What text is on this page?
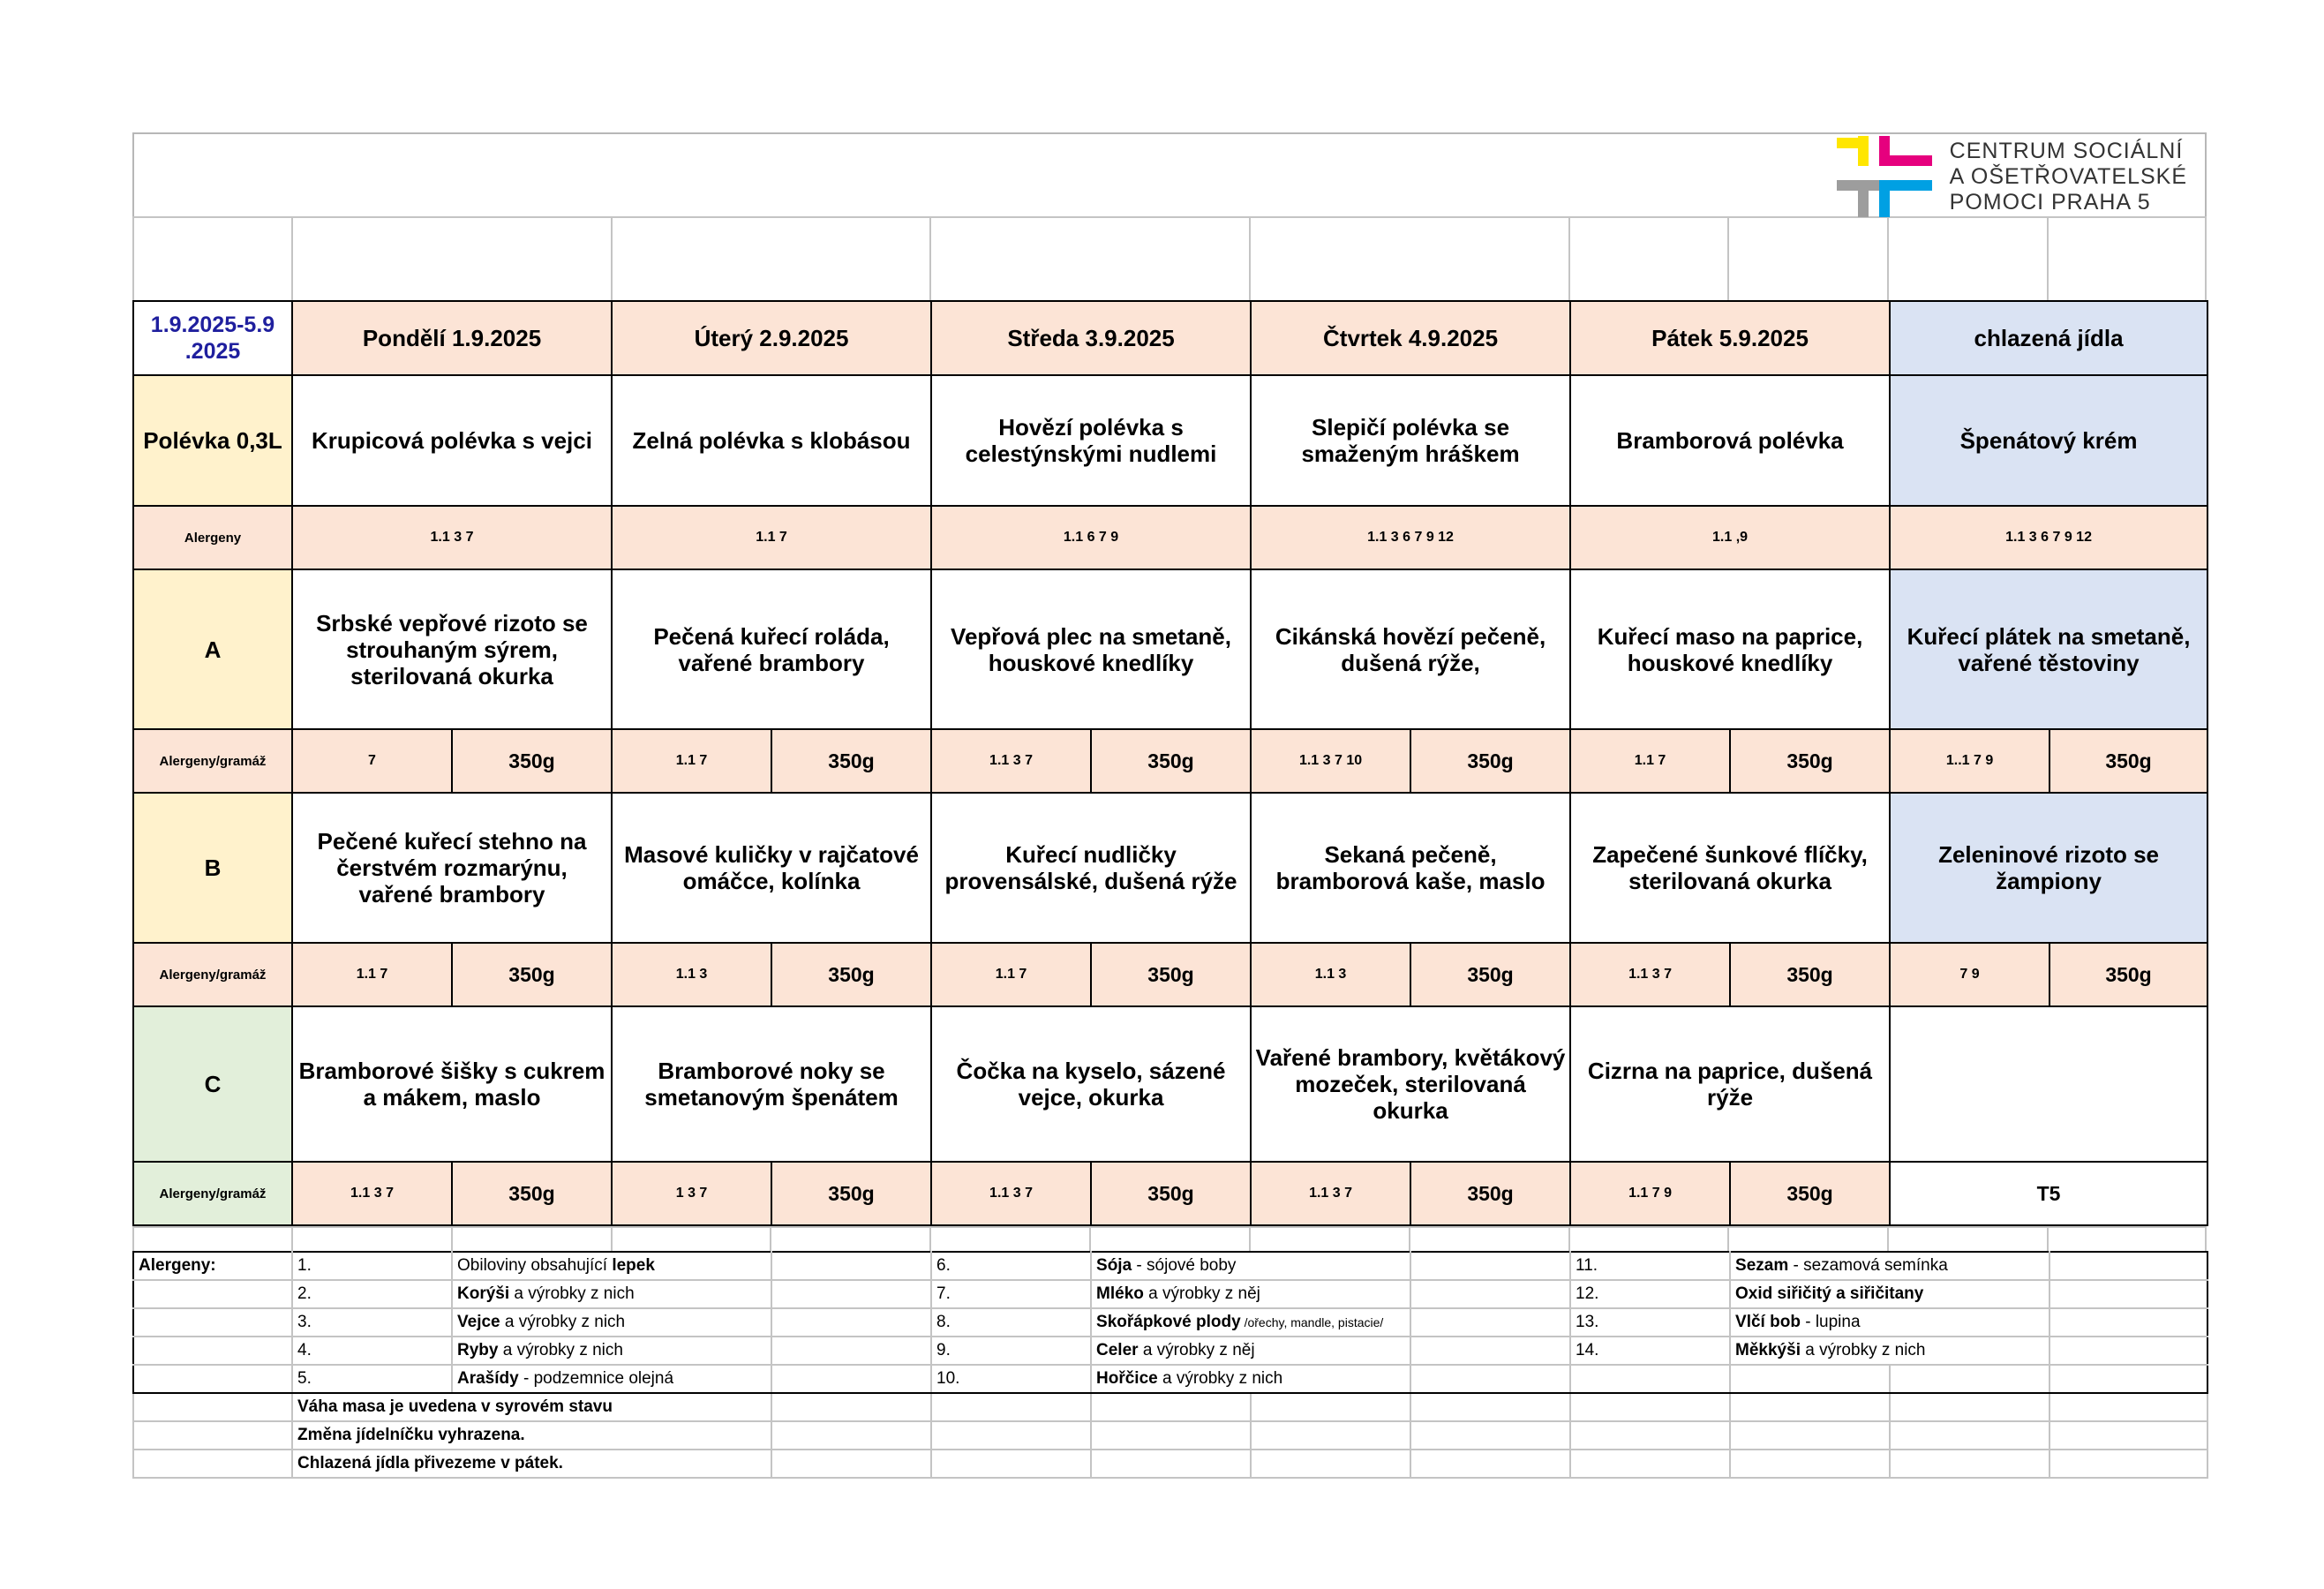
CENTRUM SOCIÁLNÍ
A OŠETŘOVATELSKÉ
POMOCI PRAHA 5
1.9.2025-5.9 .2025	Pondělí 1.9.2025		Úterý 2.9.2025		Středa 3.9.2025		Čtvrtek 4.9.2025		Pátek 5.9.2025		chlazená jídla	
Polévka 0,3L	Krupicová polévka s vejci		Zelná polévka s klobásou		Hovězí polévka s celestýnskými nudlemi		Slepičí polévka se smaženým hráškem		Bramborová polévka		Špenátový krém	
Alergeny	1.1 3 7		1.1 7		1.1 6 7 9		1.1 3 6 7 9 12		1.1 ,9		1.1 3 6 7 9 12	
A	Srbské vepřové rizoto se strouhaným sýrem, sterilovaná okurka		Pečená kuřecí roláda, vařené brambory		Vepřová plec na smetaně, houskové knedlíky		Cikánská hovězí pečeně, dušená rýže,		Kuřecí maso na paprice, houskové knedlíky		Kuřecí plátek na smetaně, vařené těstoviny	
Alergeny/gramáž	7	350g	1.1 7	350g	1.1 3 7	350g	1.1 3 7 10	350g	1.1 7	350g	1..1 7 9	350g
B	Pečené kuřecí stehno na čerstvém rozmarýnu, vařené brambory		Masové kuličky v rajčatové omáčce, kolínka		Kuřecí nudličky provensálské, dušená rýže		Sekaná pečeně, bramborová kaše, maslo		Zapečené šunkové flíčky, sterilovaná okurka		Zeleninové rizoto se žampiony	
Alergeny/gramáž	1.1 7	350g	1.1 3	350g	1.1 7	350g	1.1 3	350g	1.1 3 7	350g	7 9	350g
C	Bramborové šišky s cukrem a mákem, maslo		Bramborové noky se smetanovým špenátem		Čočka na kyselo, sázené vejce, okurka		Vařené brambory, květákový mozeček, sterilovaná okurka		Cizrna na paprice, dušená rýže			
Alergeny/gramáž	1.1 3 7	350g	1 3 7	350g	1.1 3 7	350g	1.1 3 7	350g	1.1 7 9	350g	T5	
Alergeny:	1.	Obiloviny obsahující lepek		6.	Sója - sójové boby			11.	Sezam - sezamová semínka		
	2.	Korýši a výrobky z nich		7.	Mléko a výrobky z něj			12.	Oxid siřičitý a siřičitany		
	3.	Vejce a výrobky z nich		8.	Skořápkové plody /ořechy, mandle, pistacie/			13.	Vlčí bob - lupina		
	4.	Ryby a výrobky z nich		9.	Celer a výrobky z něj			14.	Měkkýši a výrobky z nich		
	5.	Arašídy - podzemnice olejná		10.	Hořčice a výrobky z nich						
	Váha masa je uvedena v syrovém stavu										
	Změna jídelníčku vyhrazena.										
	Chlazená jídla přivezeme v pátek.										
